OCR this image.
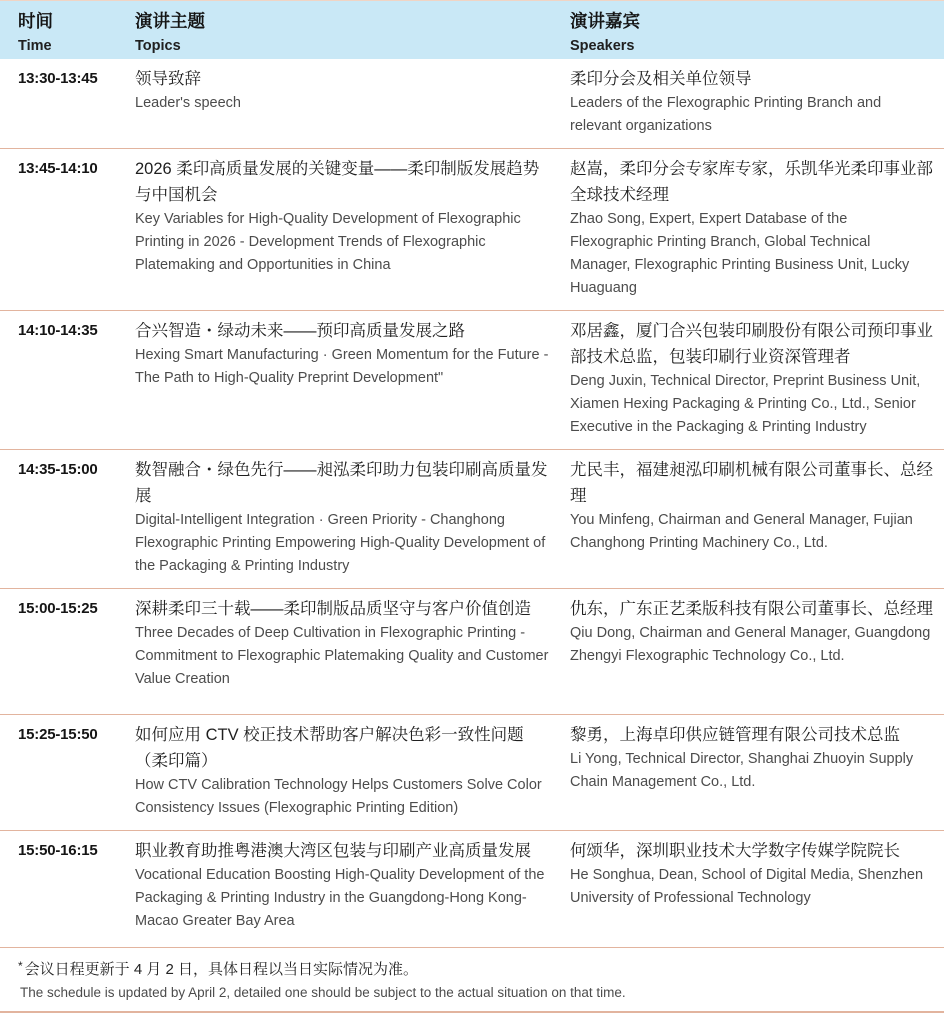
时间
Time
演讲主题
Topics
演讲嘉宾
Speakers
13:30-13:45	领导致辞
Leader's speech
柔印分会及相关单位领导
Leaders of the Flexographic Printing Branch and relevant organizations
13:45-14:10	2026 柔印高质量发展的关键变量——柔印制版发展趋势与中国机会
Key Variables for High-Quality Development of Flexographic Printing in 2026 - Development Trends of Flexographic Platemaking and Opportunities in China
赵嵩，柔印分会专家库专家，乐凯华光柔印事业部全球技术经理
Zhao Song, Expert, Expert Database of the Flexographic Printing Branch, Global Technical Manager, Flexographic Printing Business Unit, Lucky Huaguang
14:10-14:35	合兴智造・绿动未来——预印高质量发展之路
Hexing Smart Manufacturing · Green Momentum for the Future - The Path to High-Quality Preprint Development"
邓居鑫，厦门合兴包装印刷股份有限公司预印事业部技术总监，包装印刷行业资深管理者
Deng Juxin, Technical Director, Preprint Business Unit, Xiamen Hexing Packaging & Printing Co., Ltd., Senior Executive in the Packaging & Printing Industry
14:35-15:00	数智融合・绿色先行——昶泓柔印助力包装印刷高质量发展
Digital-Intelligent Integration · Green Priority - Changhong Flexographic Printing Empowering High-Quality Development of the Packaging & Printing Industry
尤民丰，福建昶泓印刷机械有限公司董事长、总经理
You Minfeng, Chairman and General Manager, Fujian Changhong Printing Machinery Co., Ltd.
15:00-15:25	深耕柔印三十载——柔印制版品质坚守与客户价值创造
Three Decades of Deep Cultivation in Flexographic Printing - Commitment to Flexographic Platemaking Quality and Customer Value Creation
仇东，广东正艺柔版科技有限公司董事长、总经理
Qiu Dong, Chairman and General Manager, Guangdong Zhengyi Flexographic Technology Co., Ltd.
15:25-15:50	如何应用 CTV 校正技术帮助客户解决色彩一致性问题（柔印篇）
How CTV Calibration Technology Helps Customers Solve Color Consistency Issues (Flexographic Printing Edition)
黎勇，上海卓印供应链管理有限公司技术总监
Li Yong, Technical Director, Shanghai Zhuoyin Supply Chain Management Co., Ltd.
15:50-16:15	职业教育助推粤港澳大湾区包装与印刷产业高质量发展
Vocational Education Boosting High-Quality Development of the Packaging & Printing Industry in the Guangdong-Hong Kong-Macao Greater Bay Area
何颂华，深圳职业技术大学数字传媒学院院长
He Songhua, Dean, School of Digital Media, Shenzhen University of Professional Technology
* 会议日程更新于 4 月 2 日，具体日程以当日实际情况为准。
The schedule is updated by April 2, detailed one should be subject to the actual situation on that time.
